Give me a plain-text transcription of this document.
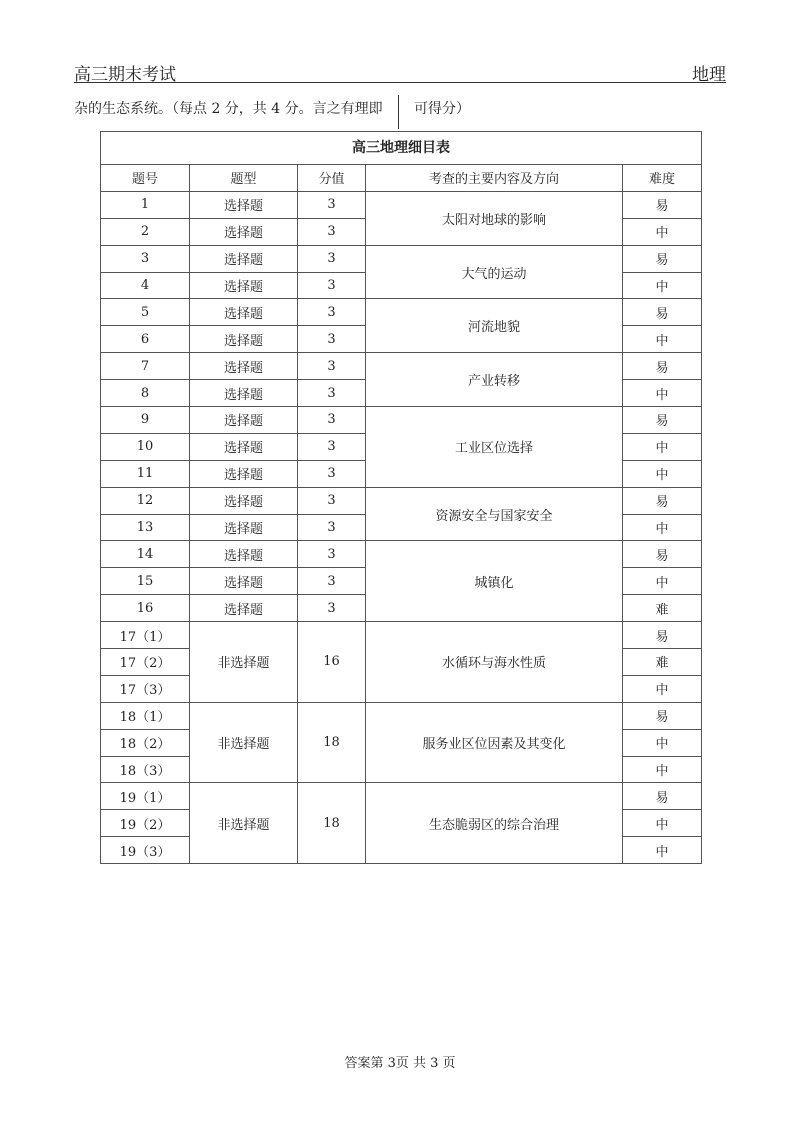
高三期末考试	地理
杂的生态系统。（每点 2 分，共 4 分。言之有理即 可得分）
高三地理细目表
题号	题型	分值	考查的主要内容及方向	难度
1	选择题	3	太阳对地球的影响	易
2	选择题	3		中
3	选择题	3	大气的运动	易
4	选择题	3		中
5	选择题	3	河流地貌	易
6	选择题	3		中
7	选择题	3	产业转移	易
8	选择题	3		中
9	选择题	3	工业区位选择	易
10	选择题	3		中
11	选择题	3		中
12	选择题	3	资源安全与国家安全	易
13	选择题	3		中
14	选择题	3	城镇化	易
15	选择题	3		中
16	选择题	3		难
17（1）	非选择题	16	水循环与海水性质	易
17（2）				难
17（3）				中
18（1）	非选择题	18	服务业区位因素及其变化	易
18（2）				中
18（3）				中
19（1）	非选择题	18	生态脆弱区的综合治理	易
19（2）				中
19（3）				中
答案第 3页 共 3 页
